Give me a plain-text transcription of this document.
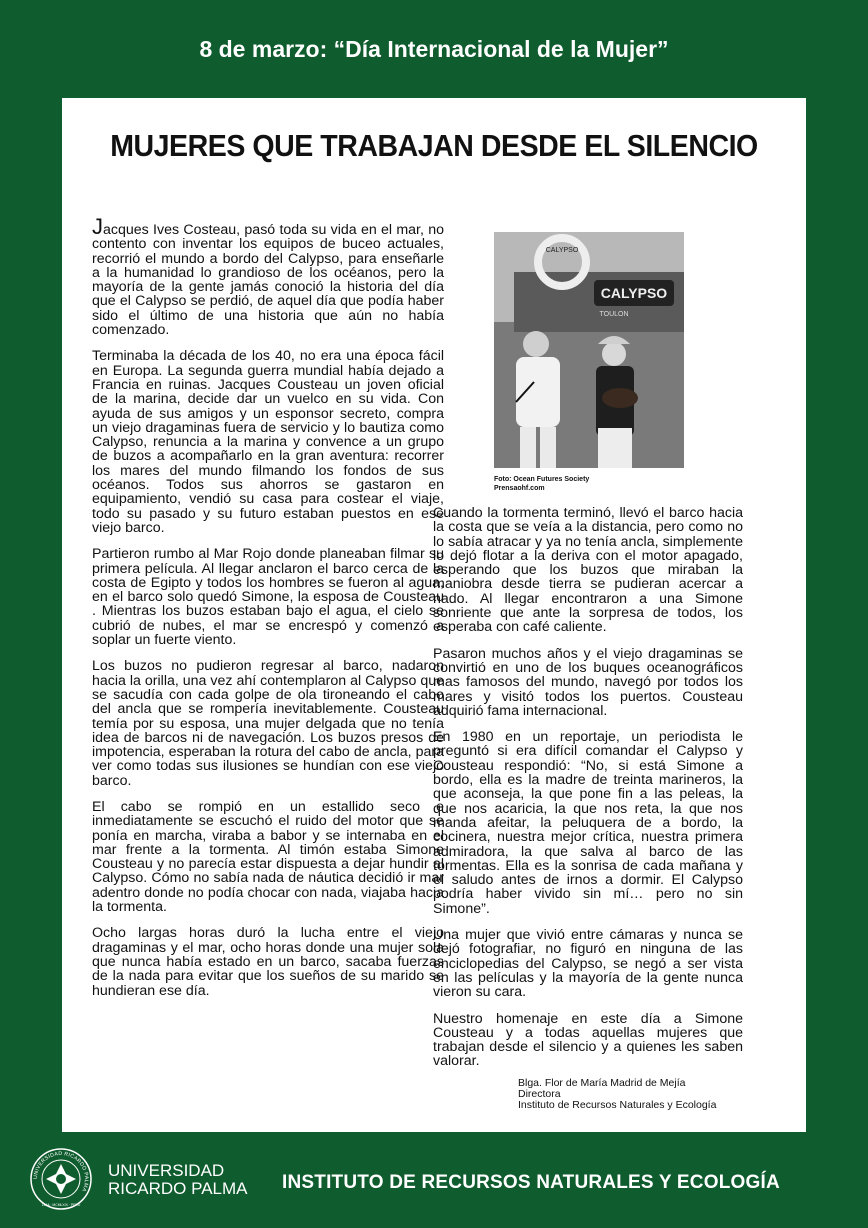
8 de marzo: “Día Internacional de la Mujer”
MUJERES QUE TRABAJAN DESDE EL SILENCIO

Jacques Ives Costeau, pasó toda su vida en el mar, no contento con inventar los equipos de buceo actuales, recorrió el mundo a bordo del Calypso, para enseñarle a la humanidad lo grandioso de los océanos, pero la mayoría de la gente jamás conoció la historia del día que el Calypso se perdió, de aquel día que podía haber sido el último de una historia que aún no había comenzado.

Terminaba la década de los 40, no era una época fácil en Europa. La segunda guerra mundial había dejado a Francia en ruinas. Jacques Cousteau un joven oficial de la marina, decide dar un vuelco en su vida. Con ayuda de sus amigos y un esponsor secreto, compra un viejo dragaminas fuera de servicio y lo bautiza como Calypso, renuncia a la marina y convence a un grupo de buzos a acompañarlo en la gran aventura: recorrer los mares del mundo filmando los fondos de sus océanos. Todos sus ahorros se gastaron en equipamiento, vendió su casa para costear el viaje, todo su pasado y su futuro estaban puestos en ese viejo barco.

Partieron rumbo al Mar Rojo donde planeaban filmar su primera película. Al llegar anclaron el barco cerca de la costa de Egipto y todos los hombres se fueron al agua, en el barco solo quedó Simone, la esposa de Cousteau . Mientras los buzos estaban bajo el agua, el cielo se cubrió de nubes, el mar se encrespó y comenzó a soplar un fuerte viento.

Los buzos no pudieron regresar al barco, nadaron hacia la orilla, una vez ahí contemplaron al Calypso que se sacudía con cada golpe de ola tironeando el cabo del ancla que se rompería inevitablemente. Cousteau temía por su esposa, una mujer delgada que no tenía idea de barcos ni de navegación. Los buzos presos de impotencia, esperaban la rotura del cabo de ancla, para ver como todas sus ilusiones se hundían con ese viejo barco.

El cabo se rompió en un estallido seco e inmediatamente se escuchó el ruido del motor que se ponía en marcha, viraba a babor y se internaba en el mar frente a la tormenta. Al timón estaba Simone Cousteau y no parecía estar dispuesta a dejar hundir al Calypso. Cómo no sabía nada de náutica decidió ir mar adentro donde no podía chocar con nada, viajaba hacia la tormenta.

Ocho largas horas duró la lucha entre el viejo dragaminas y el mar, ocho horas donde una mujer sola que nunca había estado en un barco, sacaba fuerzas de la nada para evitar que los sueños de su marido se hundieran ese día.

CALYPSO
CALYPSO
TOULON
Foto: Ocean Futures Society
Prensaohf.com

Cuando la tormenta terminó, llevó el barco hacia la costa que se veía a la distancia, pero como no lo sabía atracar y ya no tenía ancla, simplemente lo dejó flotar a la deriva con el motor apagado, esperando que los buzos que miraban la maniobra desde tierra se pudieran acercar a nado. Al llegar encontraron a una Simone sonriente que ante la sorpresa de todos, los esperaba con café caliente.

Pasaron muchos años y el viejo dragaminas se convirtió en uno de los buques oceanográficos mas famosos del mundo, navegó por todos los mares y visitó todos los puertos. Cousteau adquirió fama internacional.

En 1980 en un reportaje, un periodista le preguntó si era difícil comandar el Calypso y Cousteau respondió: “No, si está Simone a bordo, ella es la madre de treinta marineros, la que aconseja, la que pone fin a las peleas, la que nos acaricia, la que nos reta, la que nos manda afeitar, la peluquera de a bordo, la cocinera, nuestra mejor crítica, nuestra primera admiradora, la que salva al barco de las tormentas. Ella es la sonrisa de cada mañana y el saludo antes de irnos a dormir. El Calypso podría haber vivido sin mí… pero no sin Simone”.

Una mujer que vivió entre cámaras y nunca se dejó fotografiar, no figuró en ninguna de las enciclopedias del Calypso, se negó a ser vista en las películas y la mayoría de la gente nunca vieron su cara.

Nuestro homenaje en este día a Simone Cousteau y a todas aquellas mujeres que trabajan desde el silencio y a quienes les saben valorar.

Blga. Flor de María Madrid de Mejía
Directora
Instituto de Recursos Naturales y Ecología
UNIVERSIDAD RICARDO PALMA
LIMA · MCMLXIX · PERÚ
UNIVERSIDAD
RICARDO PALMA INSTITUTO DE RECURSOS NATURALES Y ECOLOGÍA
